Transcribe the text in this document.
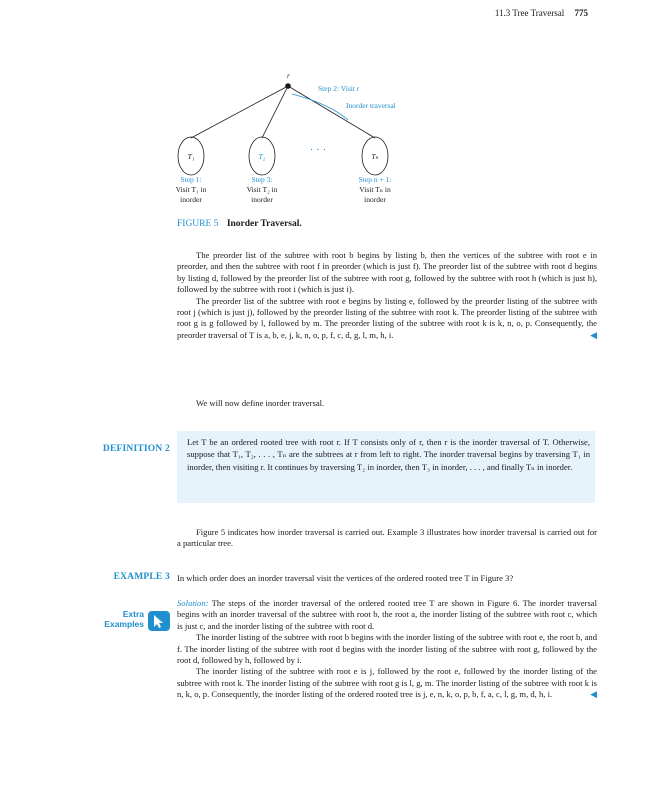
11.3 Tree Traversal 775
r
Step 2: Visit r
Inorder traversal
T₁	T₂	Tₙ
· · ·
Step 1:
Visit T₁ in
inorder
Step 3:
Visit T₂ in
inorder
Step n + 1:
Visit Tₙ in
inorder
FIGURE 5 Inorder Traversal.

The preorder list of the subtree with root b begins by listing b, then the vertices of the subtree with root e in preorder, and then the subtree with root f in preorder (which is just f). The preorder list of the subtree with root d begins by listing d, followed by the preorder list of the subtree with root g, followed by the subtree with root h (which is just h), followed by the subtree with root i (which is just i).

The preorder list of the subtree with root e begins by listing e, followed by the preorder listing of the subtree with root j (which is just j), followed by the preorder listing of the subtree with root k. The preorder listing of the subtree with root g is g followed by l, followed by m. The preorder listing of the subtree with root k is k, n, o, p. Consequently, the preorder traversal of T is a, b, e, j, k, n, o, p, f, c, d, g, l, m, h, i.	◀

We will now define inorder traversal.

DEFINITION 2
Let T be an ordered rooted tree with root r. If T consists only of r, then r is the inorder traversal of T. Otherwise, suppose that T₁, T₂, . . . , Tₙ are the subtrees at r from left to right. The inorder traversal begins by traversing T₁ in inorder, then visiting r. It continues by traversing T₂ in inorder, then T₃ in inorder, . . . , and finally Tₙ in inorder.

Figure 5 indicates how inorder traversal is carried out. Example 3 illustrates how inorder traversal is carried out for a particular tree.

EXAMPLE 3 In which order does an inorder traversal visit the vertices of the ordered rooted tree T in Figure 3?

Extra
Examples

Solution: The steps of the inorder traversal of the ordered rooted tree T are shown in Figure 6. The inorder traversal begins with an inorder traversal of the subtree with root b, the root a, the inorder listing of the subtree with root c, which is just c, and the inorder listing of the subtree with root d.

The inorder listing of the subtree with root b begins with the inorder listing of the subtree with root e, the root b, and f. The inorder listing of the subtree with root d begins with the inorder listing of the subtree with root g, followed by the root d, followed by h, followed by i.

The inorder listing of the subtree with root e is j, followed by the root e, followed by the inorder listing of the subtree with root k. The inorder listing of the subtree with root g is l, g, m. The inorder listing of the subtree with root k is n, k, o, p. Consequently, the inorder listing of the ordered rooted tree is j, e, n, k, o, p, b, f, a, c, l, g, m, d, h, i.	◀
